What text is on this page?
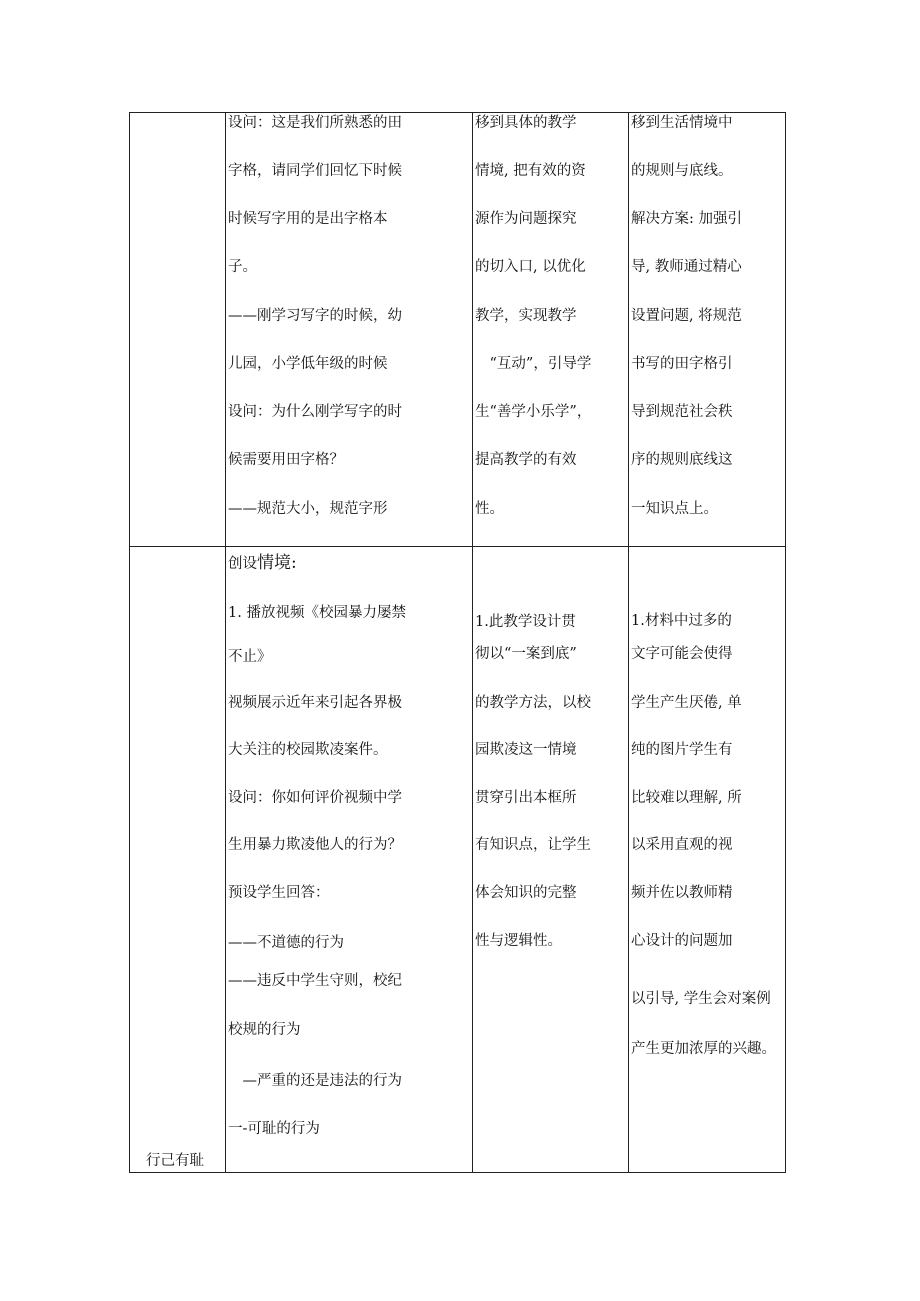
设问：这是我们所熟悉的田
字格，请同学们回忆下时候
时候写字用的是出字格本
子。
——刚学习写字的时候，幼
儿园，小学低年级的时候
设问：为什么刚学写字的时
候需要用田字格？
——规范大小，规范字形
移到具体的教学
情境, 把有效的资
源作为问题探究
的切入口, 以优化
教学，实现教学
　“互动”，引导学
生“善学小乐学”，
提高教学的有效
性。
移到生活情境中
的规则与底线。
解决方案: 加强引
导, 教师通过精心
设置问题, 将规范
书写的田字格引
导到规范社会秩
序的规则底线这
一知识点上。
行己有耻
创设情境:
1. 播放视频《校园暴力屡禁
不止》
视频展示近年来引起各界极
大关注的校园欺凌案件。
设问：你如何评价视频中学
生用暴力欺凌他人的行为？
预设学生回答：
——不道德的行为
——违反中学生守则，校纪
校规的行为
　—严重的还是违法的行为
一-可耻的行为
1.此教学设计贯
彻以“一案到底”
的教学方法，以校
园欺凌这一情境
贯穿引出本框所
有知识点，让学生
体会知识的完整
性与逻辑性。
1.材料中过多的
文字可能会使得
学生产生厌倦, 单
纯的图片学生有
比较难以理解, 所
以采用直观的视
频并佐以教师精
心设计的问题加
以引导, 学生会对案例
产生更加浓厚的兴趣。
